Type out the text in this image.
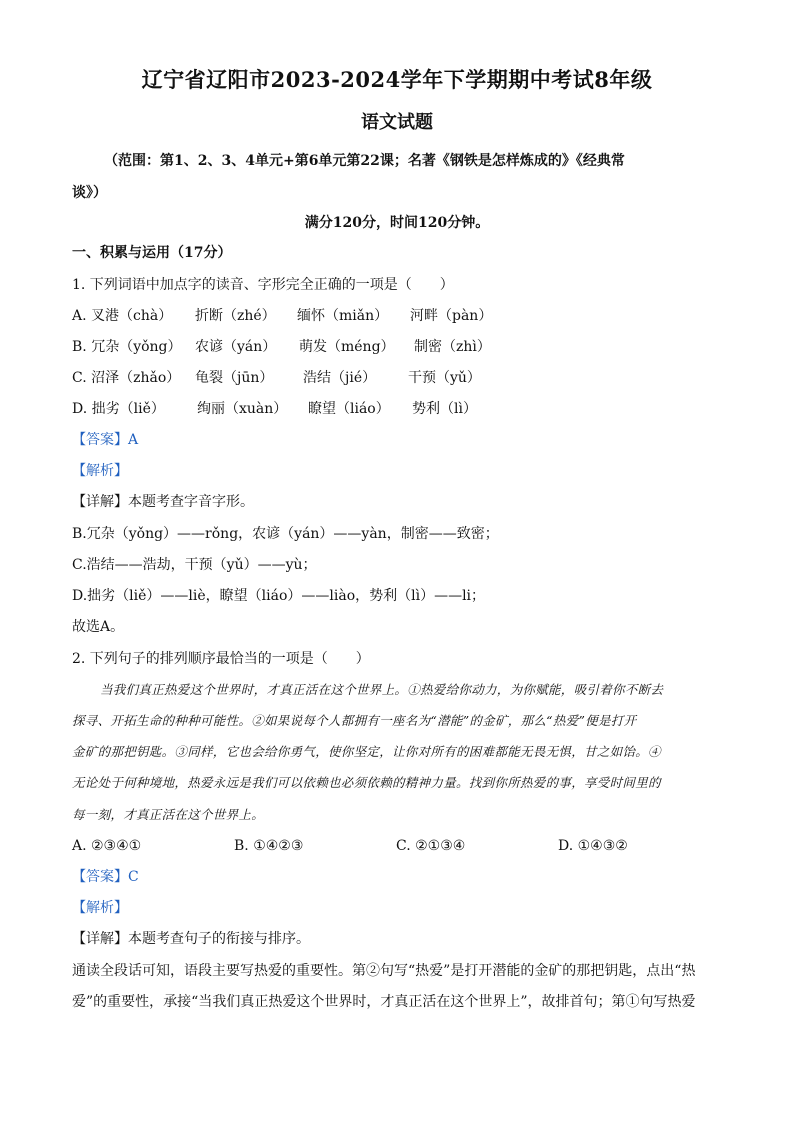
辽宁省辽阳市2023-2024学年下学期期中考试8年级
语文试题
（范围：第1、2、3、4单元+第6单元第22课；名著《钢铁是怎样炼成的》《经典常
谈》）
满分120分，时间120分钟。
一、积累与运用（17分）
1. 下列词语中加点字的读音、字形完全正确的一项是（　　）
A. 叉港（chà） 折断（zhé） 缅怀（miǎn） 河畔（pàn）
B. 冗杂（yǒng） 农谚（yán） 萌发（méng） 制密（zhì）
C. 沼泽（zhǎo） 龟裂（jūn） 浩结（jié） 干预（yǔ）
D. 拙劣（liě） 绚丽（xuàn） 瞭望（liáo） 势利（lì）
【答案】A
【解析】
【详解】本题考查字音字形。
B.冗杂（yǒng）——rǒng，农谚（yán）——yàn，制密——致密；
C.浩结——浩劫，干预（yǔ）——yù；
D.拙劣（liě）——liè，瞭望（liáo）——liào，势利（lì）——li；
故选A。
2. 下列句子的排列顺序最恰当的一项是（　　）
当我们真正热爱这个世界时，才真正活在这个世界上。①热爱给你动力，为你赋能，吸引着你不断去
探寻、开拓生命的种种可能性。②如果说每个人都拥有一座名为“潜能”的金矿，那么“热爱”便是打开
金矿的那把钥匙。③同样，它也会给你勇气，使你坚定，让你对所有的困难都能无畏无惧，甘之如饴。④
无论处于何种境地，热爱永远是我们可以依赖也必须依赖的精神力量。找到你所热爱的事，享受时间里的
每一刻，才真正活在这个世界上。
A. ②③④①	B. ①④②③	C. ②①③④	D. ①④③②
【答案】C
【解析】
【详解】本题考查句子的衔接与排序。
通读全段话可知，语段主要写热爱的重要性。第②句写“热爱”是打开潜能的金矿的那把钥匙，点出“热
爱”的重要性，承接“当我们真正热爱这个世界时，才真正活在这个世界上”，故排首句；第①句写热爱
